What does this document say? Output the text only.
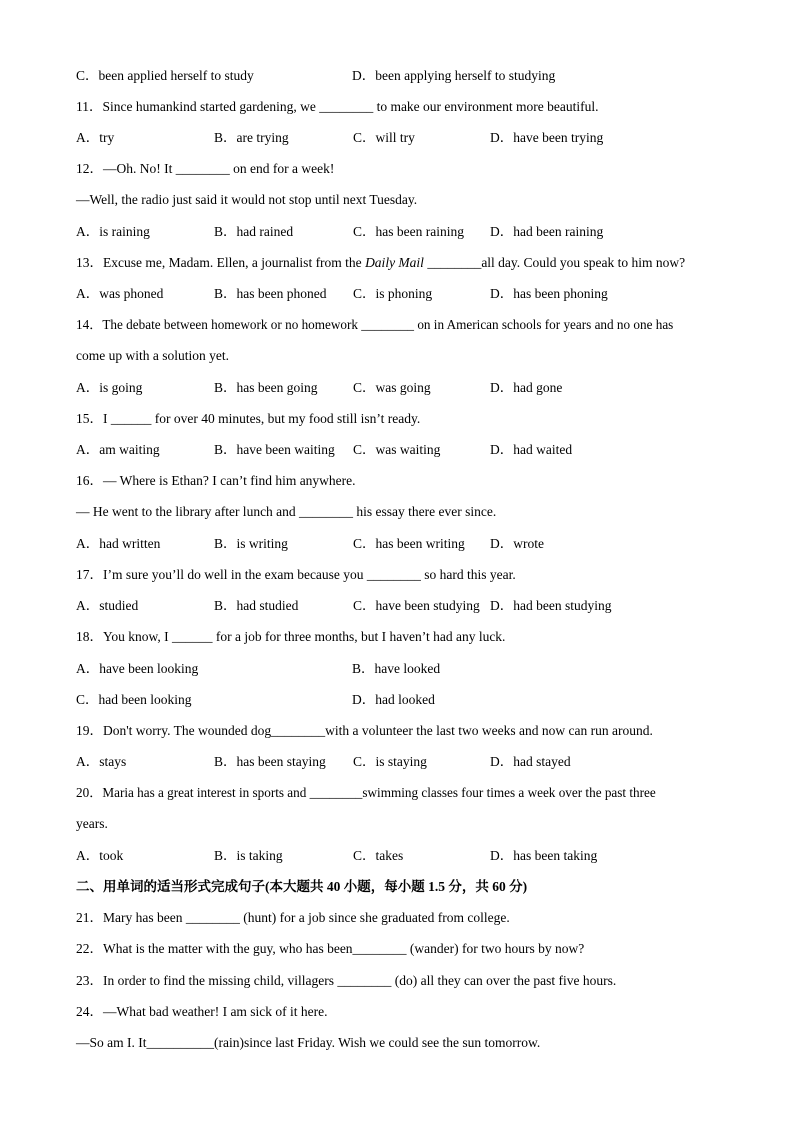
C．been applied herself to study	D．been applying herself to studying
11．Since humankind started gardening, we ________ to make our environment more beautiful.
A．try	B．are trying	C．will try	D．have been trying
12．—Oh. No! It ________ on end for a week!
—Well, the radio just said it would not stop until next Tuesday.
A．is raining	B．had rained	C．has been raining D．had been raining
13．Excuse me, Madam. Ellen, a journalist from the Daily Mail ________all day. Could you speak to him now?
A．was phoned	B．has been phoned C．is phoning	D．has been phoning
14．The debate between homework or no homework ________ on in American schools for years and no one has
come up with a solution yet.
A．is going	B．has been going	C．was going	D．had gone
15．I ______ for over 40 minutes, but my food still isn’t ready.
A．am waiting	B．have been waiting C．was waiting	D．had waited
16．— Where is Ethan? I can’t find him anywhere.
— He went to the library after lunch and ________ his essay there ever since.
A．had written	B．is writing	C．has been writing D．wrote
17．I’m sure you’ll do well in the exam because you ________ so hard this year.
A．studied	B．had studied	C．have been studying D．had been studying
18．You know, I ______ for a job for three months, but I haven’t had any luck.
A．have been looking	B．have looked
C．had been looking	D．had looked
19．Don't worry. The wounded dog________with a volunteer the last two weeks and now can run around.
A．stays	B．has been staying C．is staying	D．had stayed
20．Maria has a great interest in sports and ________swimming classes four times a week over the past three
years.
A．took	B．is taking	C．takes	D．has been taking
二、用单词的适当形式完成句子(本大题共 40 小题，每小题 1.5 分，共 60 分)
21．Mary has been ________ (hunt) for a job since she graduated from college.
22．What is the matter with the guy, who has been________ (wander) for two hours by now?
23．In order to find the missing child, villagers ________ (do) all they can over the past five hours.
24．—What bad weather! I am sick of it here.
—So am I. It__________(rain)since last Friday. Wish we could see the sun tomorrow.
